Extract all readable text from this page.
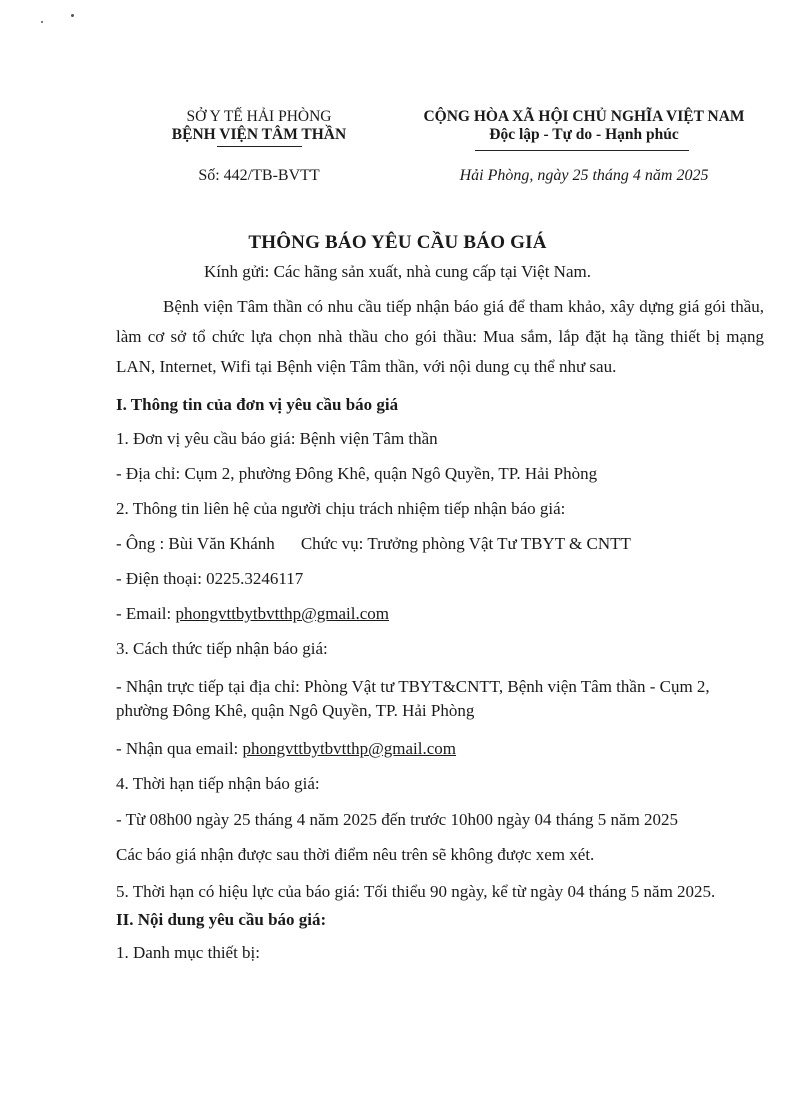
SỞ Y TẾ HẢI PHÒNG
BỆNH VIỆN TÂM THẦN
CỘNG HÒA XÃ HỘI CHỦ NGHĨA VIỆT NAM
Độc lập - Tự do - Hạnh phúc
Số: 442/TB-BVTT	Hải Phòng, ngày 25 tháng 4 năm 2025
THÔNG BÁO YÊU CẦU BÁO GIÁ
Kính gửi: Các hãng sản xuất, nhà cung cấp tại Việt Nam.

Bệnh viện Tâm thần có nhu cầu tiếp nhận báo giá để tham khảo, xây dựng giá gói thầu, làm cơ sở tổ chức lựa chọn nhà thầu cho gói thầu: Mua sắm, lắp đặt hạ tầng thiết bị mạng LAN, Internet, Wifi tại Bệnh viện Tâm thần, với nội dung cụ thể như sau.

I. Thông tin của đơn vị yêu cầu báo giá
1. Đơn vị yêu cầu báo giá: Bệnh viện Tâm thần
- Địa chỉ: Cụm 2, phường Đông Khê, quận Ngô Quyền, TP. Hải Phòng
2. Thông tin liên hệ của người chịu trách nhiệm tiếp nhận báo giá:
- Ông : Bùi Văn Khánh Chức vụ: Trưởng phòng Vật Tư TBYT & CNTT
- Điện thoại: 0225.3246117
- Email: phongvttbytbvtthp@gmail.com
3. Cách thức tiếp nhận báo giá:

- Nhận trực tiếp tại địa chỉ: Phòng Vật tư TBYT&CNTT, Bệnh viện Tâm thần - Cụm 2, phường Đông Khê, quận Ngô Quyền, TP. Hải Phòng

- Nhận qua email: phongvttbytbvtthp@gmail.com
4. Thời hạn tiếp nhận báo giá:
- Từ 08h00 ngày 25 tháng 4 năm 2025 đến trước 10h00 ngày 04 tháng 5 năm 2025
Các báo giá nhận được sau thời điểm nêu trên sẽ không được xem xét.
5. Thời hạn có hiệu lực của báo giá: Tối thiểu 90 ngày, kể từ ngày 04 tháng 5 năm 2025.
II. Nội dung yêu cầu báo giá:
1. Danh mục thiết bị:
